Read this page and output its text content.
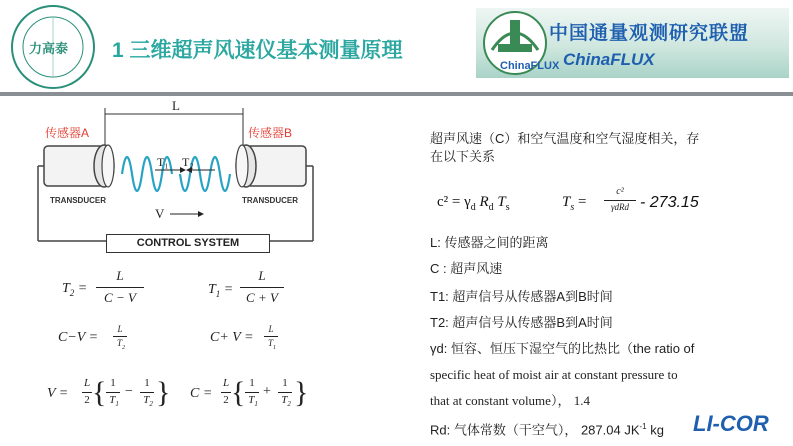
力高泰 1 三维超声风速仪基本测量原理
中国通量观测研究联盟
ChinaFLUX
ChinaFLUX
L
传感器A	传感器B
T₁ T₂
V
TRANSDUCER	TRANSDUCER
CONTROL SYSTEM
$T_2$ =
L
C − V
$T_1$ =
L
C + V
C−V =
L
$T_2$
C+ V =
L
$T_1$
V =
L
2 { 1
$T_1$
−
1
$T_2$ } C =
L
2 { 1
$T_1$
+
1
$T_2$ }
超声风速（C）和空气温度和空气湿度相关，存
在以下关系
$c^2 = \gamma_d$ $R_d$ $T_s$	$T_s$ =
c²
γdRd - 273.15
L: 传感器之间的距离
C : 超声风速
T1: 超声信号从传感器A到B时间
T2: 超声信号从传感器B到A时间
γd: 恒容、恒压下湿空气的比热比（the ratio of
specific heat of moist air at constant pressure to
that at constant volume）， 1.4
Rd: 气体常数（干空气）， 287.04 $JK^{-1}$ kg LI-COR
